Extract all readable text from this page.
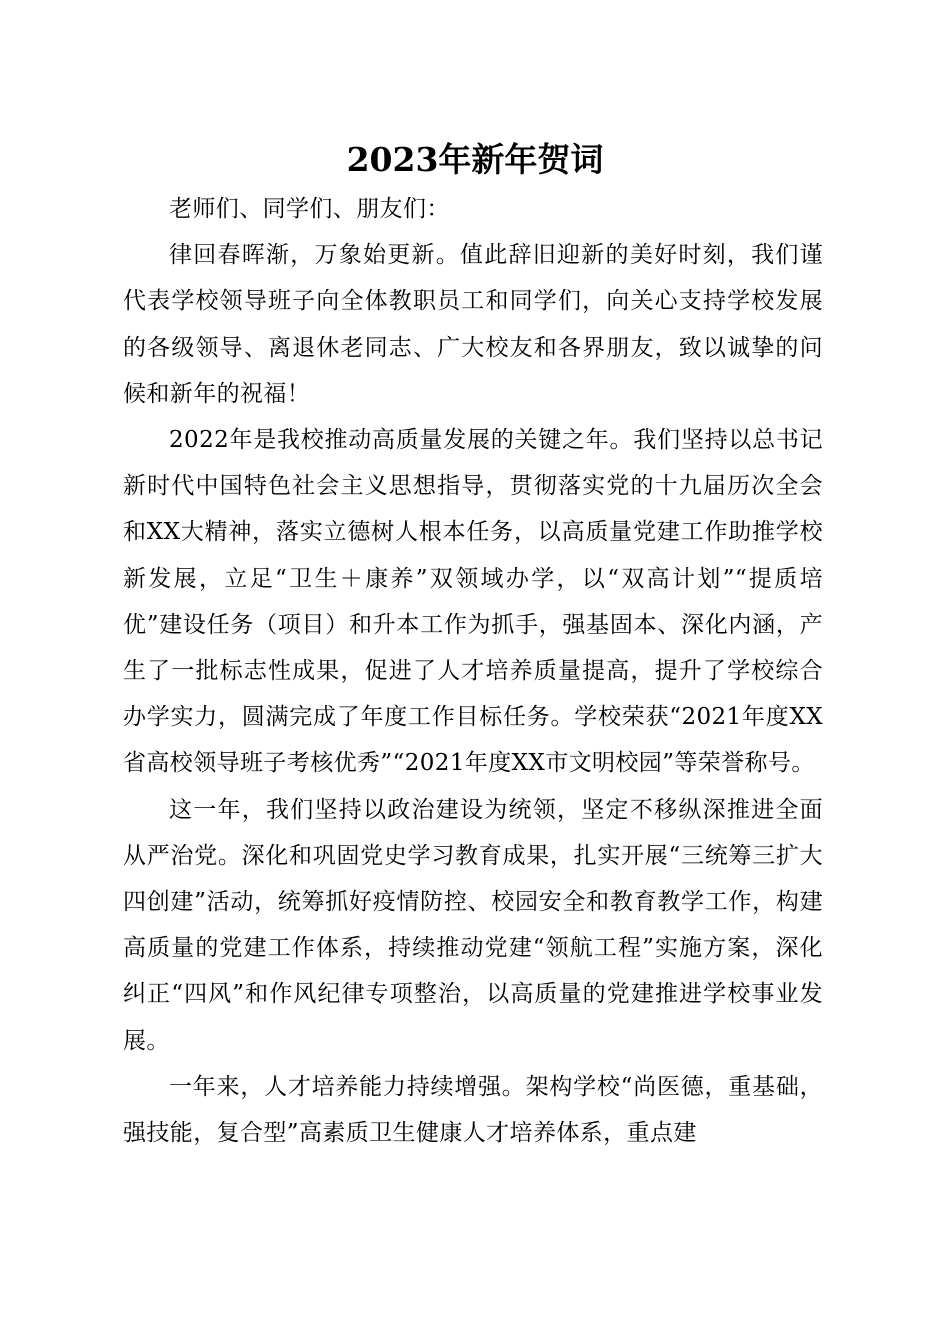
2023年新年贺词

老师们、同学们、朋友们：

律回春晖渐，万象始更新。值此辞旧迎新的美好时刻，我们谨代表学校领导班子向全体教职员工和同学们，向关心支持学校发展的各级领导、离退休老同志、广大校友和各界朋友，致以诚挚的问候和新年的祝福！

2022年是我校推动高质量发展的关键之年。我们坚持以总书记新时代中国特色社会主义思想指导，贯彻落实党的十九届历次全会和XX大精神，落实立德树人根本任务，以高质量党建工作助推学校新发展，立足“卫生＋康养”双领域办学，以“双高计划”“提质培优”建设任务（项目）和升本工作为抓手，强基固本、深化内涵，产生了一批标志性成果，促进了人才培养质量提高，提升了学校综合办学实力，圆满完成了年度工作目标任务。学校荣获“2021年度XX省高校领导班子考核优秀”“2021年度XX市文明校园”等荣誉称号。

这一年，我们坚持以政治建设为统领，坚定不移纵深推进全面从严治党。深化和巩固党史学习教育成果，扎实开展“三统筹三扩大四创建”活动，统筹抓好疫情防控、校园安全和教育教学工作，构建高质量的党建工作体系，持续推动党建“领航工程”实施方案，深化纠正“四风”和作风纪律专项整治，以高质量的党建推进学校事业发展。

一年来，人才培养能力持续增强。架构学校“尚医德，重基础，强技能，复合型”高素质卫生健康人才培养体系，重点建
